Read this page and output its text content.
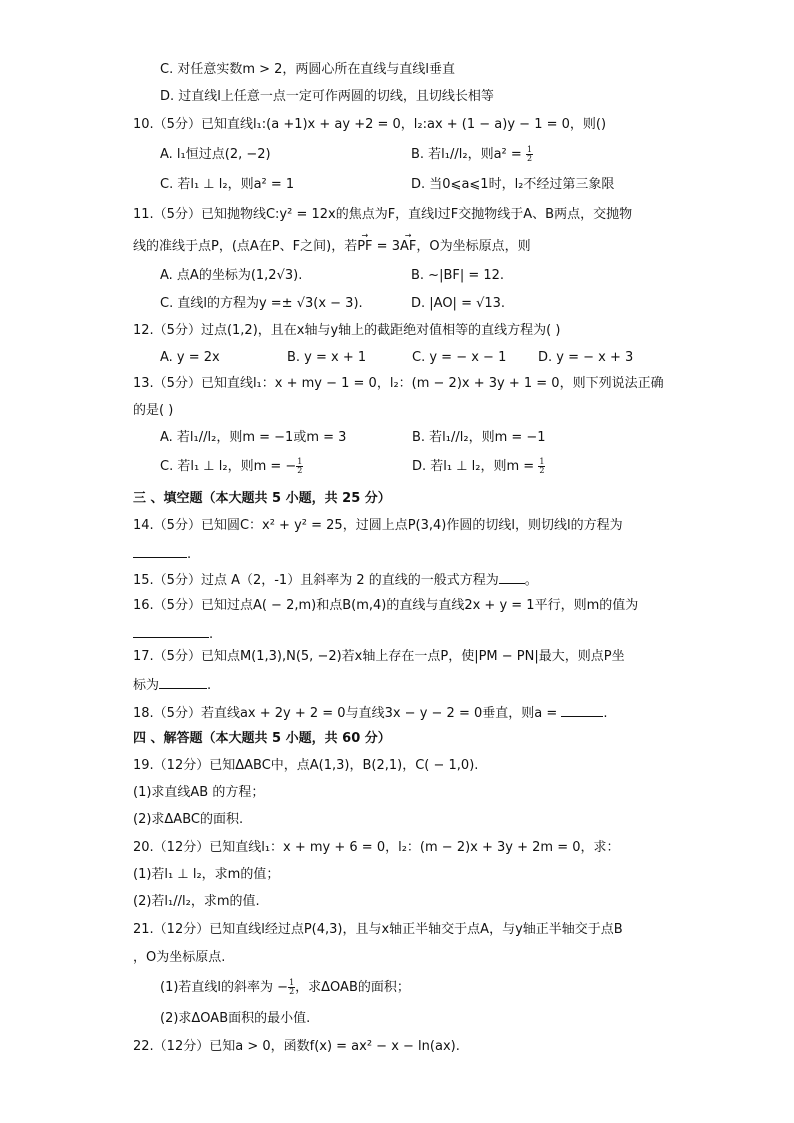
C. 对任意实数m > 2，两圆心所在直线与直线l垂直
D. 过直线l上任意一点一定可作两圆的切线，且切线长相等
10.（5分）已知直线l₁:(a +1)x + ay +2 = 0，l₂:ax + (1 − a)y − 1 = 0，则()
A. l₁恒过点(2, −2)	B. 若l₁//l₂，则$a^2 = \frac{1}{2}$
C. 若l₁ ⊥ l₂，则a² = 1	D. 当0⩽a⩽1时，l₂不经过第三象限
11.（5分）已知抛物线C:y² = 12x的焦点为F，直线l过F交抛物线于A、B两点，交抛物
线的准线于点P，(点A在P、F之间)，若→ PF = 3→ AF，O为坐标原点，则
A. 点A的坐标为(1,2√3).	B. ~|BF| = 12.
C. 直线l的方程为y =± √3(x − 3).	D. |AO| = √13.
12.（5分）过点(1,2)，且在x轴与y轴上的截距绝对值相等的直线方程为( )
A. y = 2x	B. y = x + 1	C. y = − x − 1 D. y = − x + 3
13.（5分）已知直线l₁：x + my − 1 = 0，l₂：(m − 2)x + 3y + 1 = 0，则下列说法正确
的是( )
A. 若l₁//l₂，则m = −1或m = 3	B. 若l₁//l₂，则m = −1
C. 若l₁ ⊥ l₂，则m = − $\frac{1}{2}$	D. 若l₁ ⊥ l₂，则$m = \frac{1}{2}$
三 、填空题（本大题共 5 小题，共 25 分）
14.（5分）已知圆C：x² + y² = 25，过圆上点P(3,4)作圆的切线l，则切线l的方程为
.
15.（5分）过点 A（2，-1）且斜率为 2 的直线的一般式方程为 。
16.（5分）已知过点A( − 2,m)和点B(m,4)的直线与直线2x + y = 1平行，则m的值为
.
17.（5分）已知点M(1,3),N(5, −2)若x轴上存在一点P，使|PM − PN|最大，则点P坐
标为	.
18.（5分）若直线ax + 2y + 2 = 0与直线3x − y − 2 = 0垂直，则a =	.
四 、解答题（本大题共 5 小题，共 60 分）
19.（12分）已知ΔABC中，点A(1,3)，B(2,1)，C( − 1,0).
(1)求直线AB 的方程；
(2)求ΔABC的面积.
20.（12分）已知直线l₁：x + my + 6 = 0，l₂：(m − 2)x + 3y + 2m = 0，求：
(1)若l₁ ⊥ l₂，求m的值；
(2)若l₁//l₂，求m的值.
21.（12分）已知直线l经过点P(4,3)，且与x轴正半轴交于点A，与y轴正半轴交于点B
，O为坐标原点.
(1)若直线l的斜率为 − $\frac{1}{2}$ ，求ΔOAB的面积；
(2)求ΔOAB面积的最小值.
22.（12分）已知a > 0，函数f(x) = ax² − x − ln(ax).
